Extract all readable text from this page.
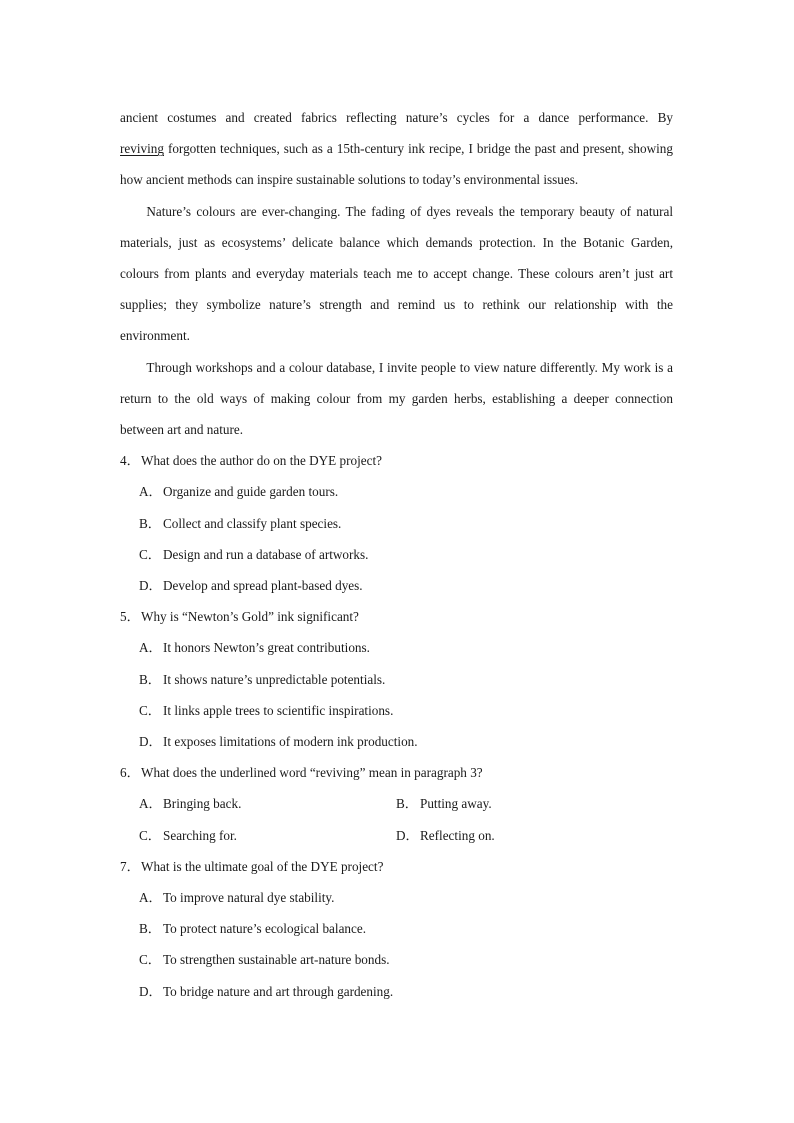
ancient costumes and created fabrics reflecting nature’s cycles for a dance performance. By
reviving forgotten techniques, such as a 15th-century ink recipe, I bridge the past and present, showing how ancient methods can inspire sustainable solutions to today’s environmental issues.

Nature’s colours are ever-changing. The fading of dyes reveals the temporary beauty of natural materials, just as ecosystems’ delicate balance which demands protection. In the Botanic Garden, colours from plants and everyday materials teach me to accept change. These colours aren’t just art supplies; they symbolize nature’s strength and remind us to rethink our relationship with the environment.

Through workshops and a colour database, I invite people to view nature differently. My work is a return to the old ways of making colour from my garden herbs, establishing a deeper connection between art and nature.

4．What does the author do on the DYE project?

A．Organize and guide garden tours.

B． Collect and classify plant species.

C． Design and run a database of artworks.

D．Develop and spread plant-based dyes.

5．Why is “Newton’s Gold” ink significant?

A．It honors Newton’s great contributions.

B． It shows nature’s unpredictable potentials.

C． It links apple trees to scientific inspirations.

D．It exposes limitations of modern ink production.

6．What does the underlined word “reviving” mean in paragraph 3?

A．Bringing back.	B． Putting away.
C． Searching for.	D．Reflecting on.

7．What is the ultimate goal of the DYE project?

A．To improve natural dye stability.

B． To protect nature’s ecological balance.

C． To strengthen sustainable art-nature bonds.

D．To bridge nature and art through gardening.
